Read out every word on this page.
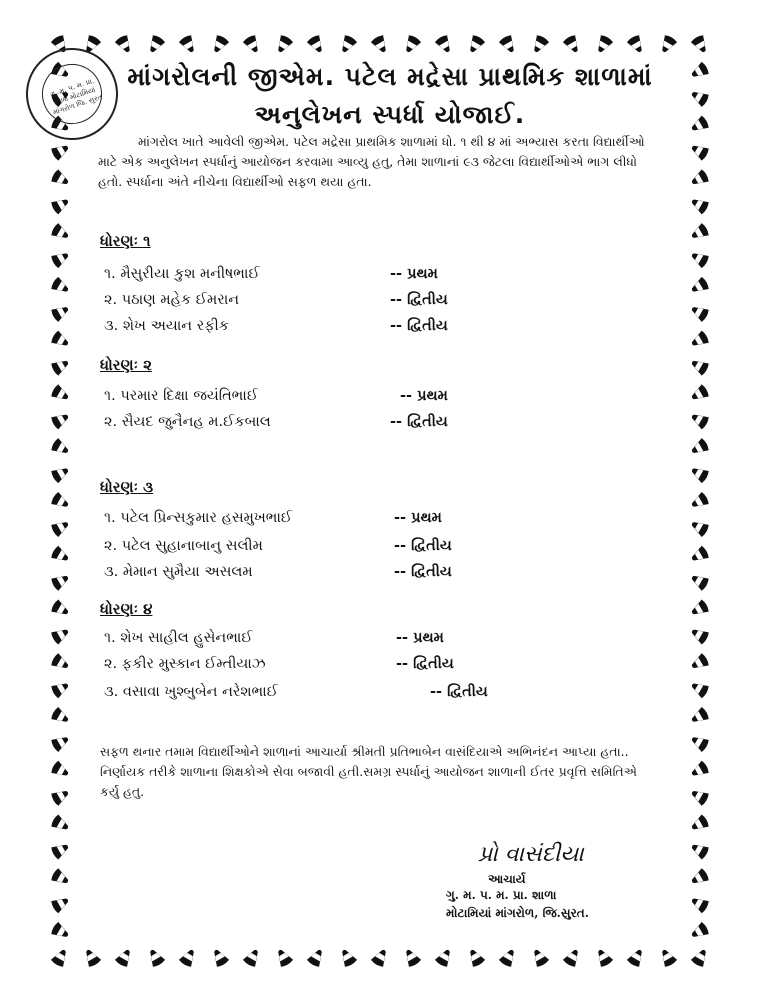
ગુ. મ. પ. મ. પ્રા. શાળા મોટામિયાં માંગરોળ જિ. સુરત
માંગરોલની જીએમ. પટેલ મદ્રેસા પ્રાથમિક શાળામાં
અનુલેખન સ્પર્ધા યોજાઈ.
માંગરોલ ખાતે આવેલી જીએમ. પટેલ મદ્રેસા પ્રાથમિક શાળામાં ધો. ૧ થી ૪ માં અભ્યાસ કરતા વિદ્યાર્થીઓ માટે એક અનુલેખન સ્પર્ધાનું આયોજન કરવામા આવ્યુ હતુ, તેમા શાળાનાં ૯૩ જેટલા વિદ્યાર્થીઓએ ભાગ લીધો હતો. સ્પર્ધાના અંતે નીચેના વિદ્યાર્થીઓ સફળ થયા હતા.
ધોરણઃ ૧
૧. મૈસુરીયા કુશ મનીષભાઈ	-- પ્રથમ
૨. પઠાણ મહેક ઈમરાન	-- દ્વિતીય
૩. શેખ અયાન રફીક	-- દ્વિતીય
ધોરણઃ ૨
૧. પરમાર દિક્ષા જયંતિભાઈ	-- પ્રથમ
૨. સૈયદ જુનૈનહ મ.ઈકબાલ	-- દ્વિતીય
ધોરણઃ ૩
૧. પટેલ પ્રિન્સકુમાર હસમુખભાઈ	-- પ્રથમ
૨. પટેલ સુહાનાબાનુ સલીમ	-- દ્વિતીય
૩. મેમાન સુમૈયા અસલમ	-- દ્વિતીય
ધોરણઃ ૪
૧. શેખ સાહીલ હુસેનભાઈ	-- પ્રથમ
૨. ફકીર મુસ્કાન ઈમ્તીયાઝ	-- દ્વિતીય
૩. વસાવા ખુશ્બુબેન નરેશભાઈ	-- દ્વિતીય
સફળ થનાર તમામ વિદ્યાર્થીઓને શાળાનાં આચાર્યા શ્રીમતી પ્રતિભાબેન વાસંદિયાએ અભિનંદન આપ્યા હતા.. નિર્ણાયક તરીકે શાળાના શિક્ષકોએ સેવા બજાવી હતી.સમગ્ર સ્પર્ધાનું આયોજન શાળાની ઈતર પ્રવૃત્તિ સમિતિએ કર્યુ હતુ.
પ્રો વાસંદીયા
આચાર્ય
ગુ. મ. પ. મ. પ્રા. શાળા
મોટામિયાં માંગરોળ, જિ.સુરત.
